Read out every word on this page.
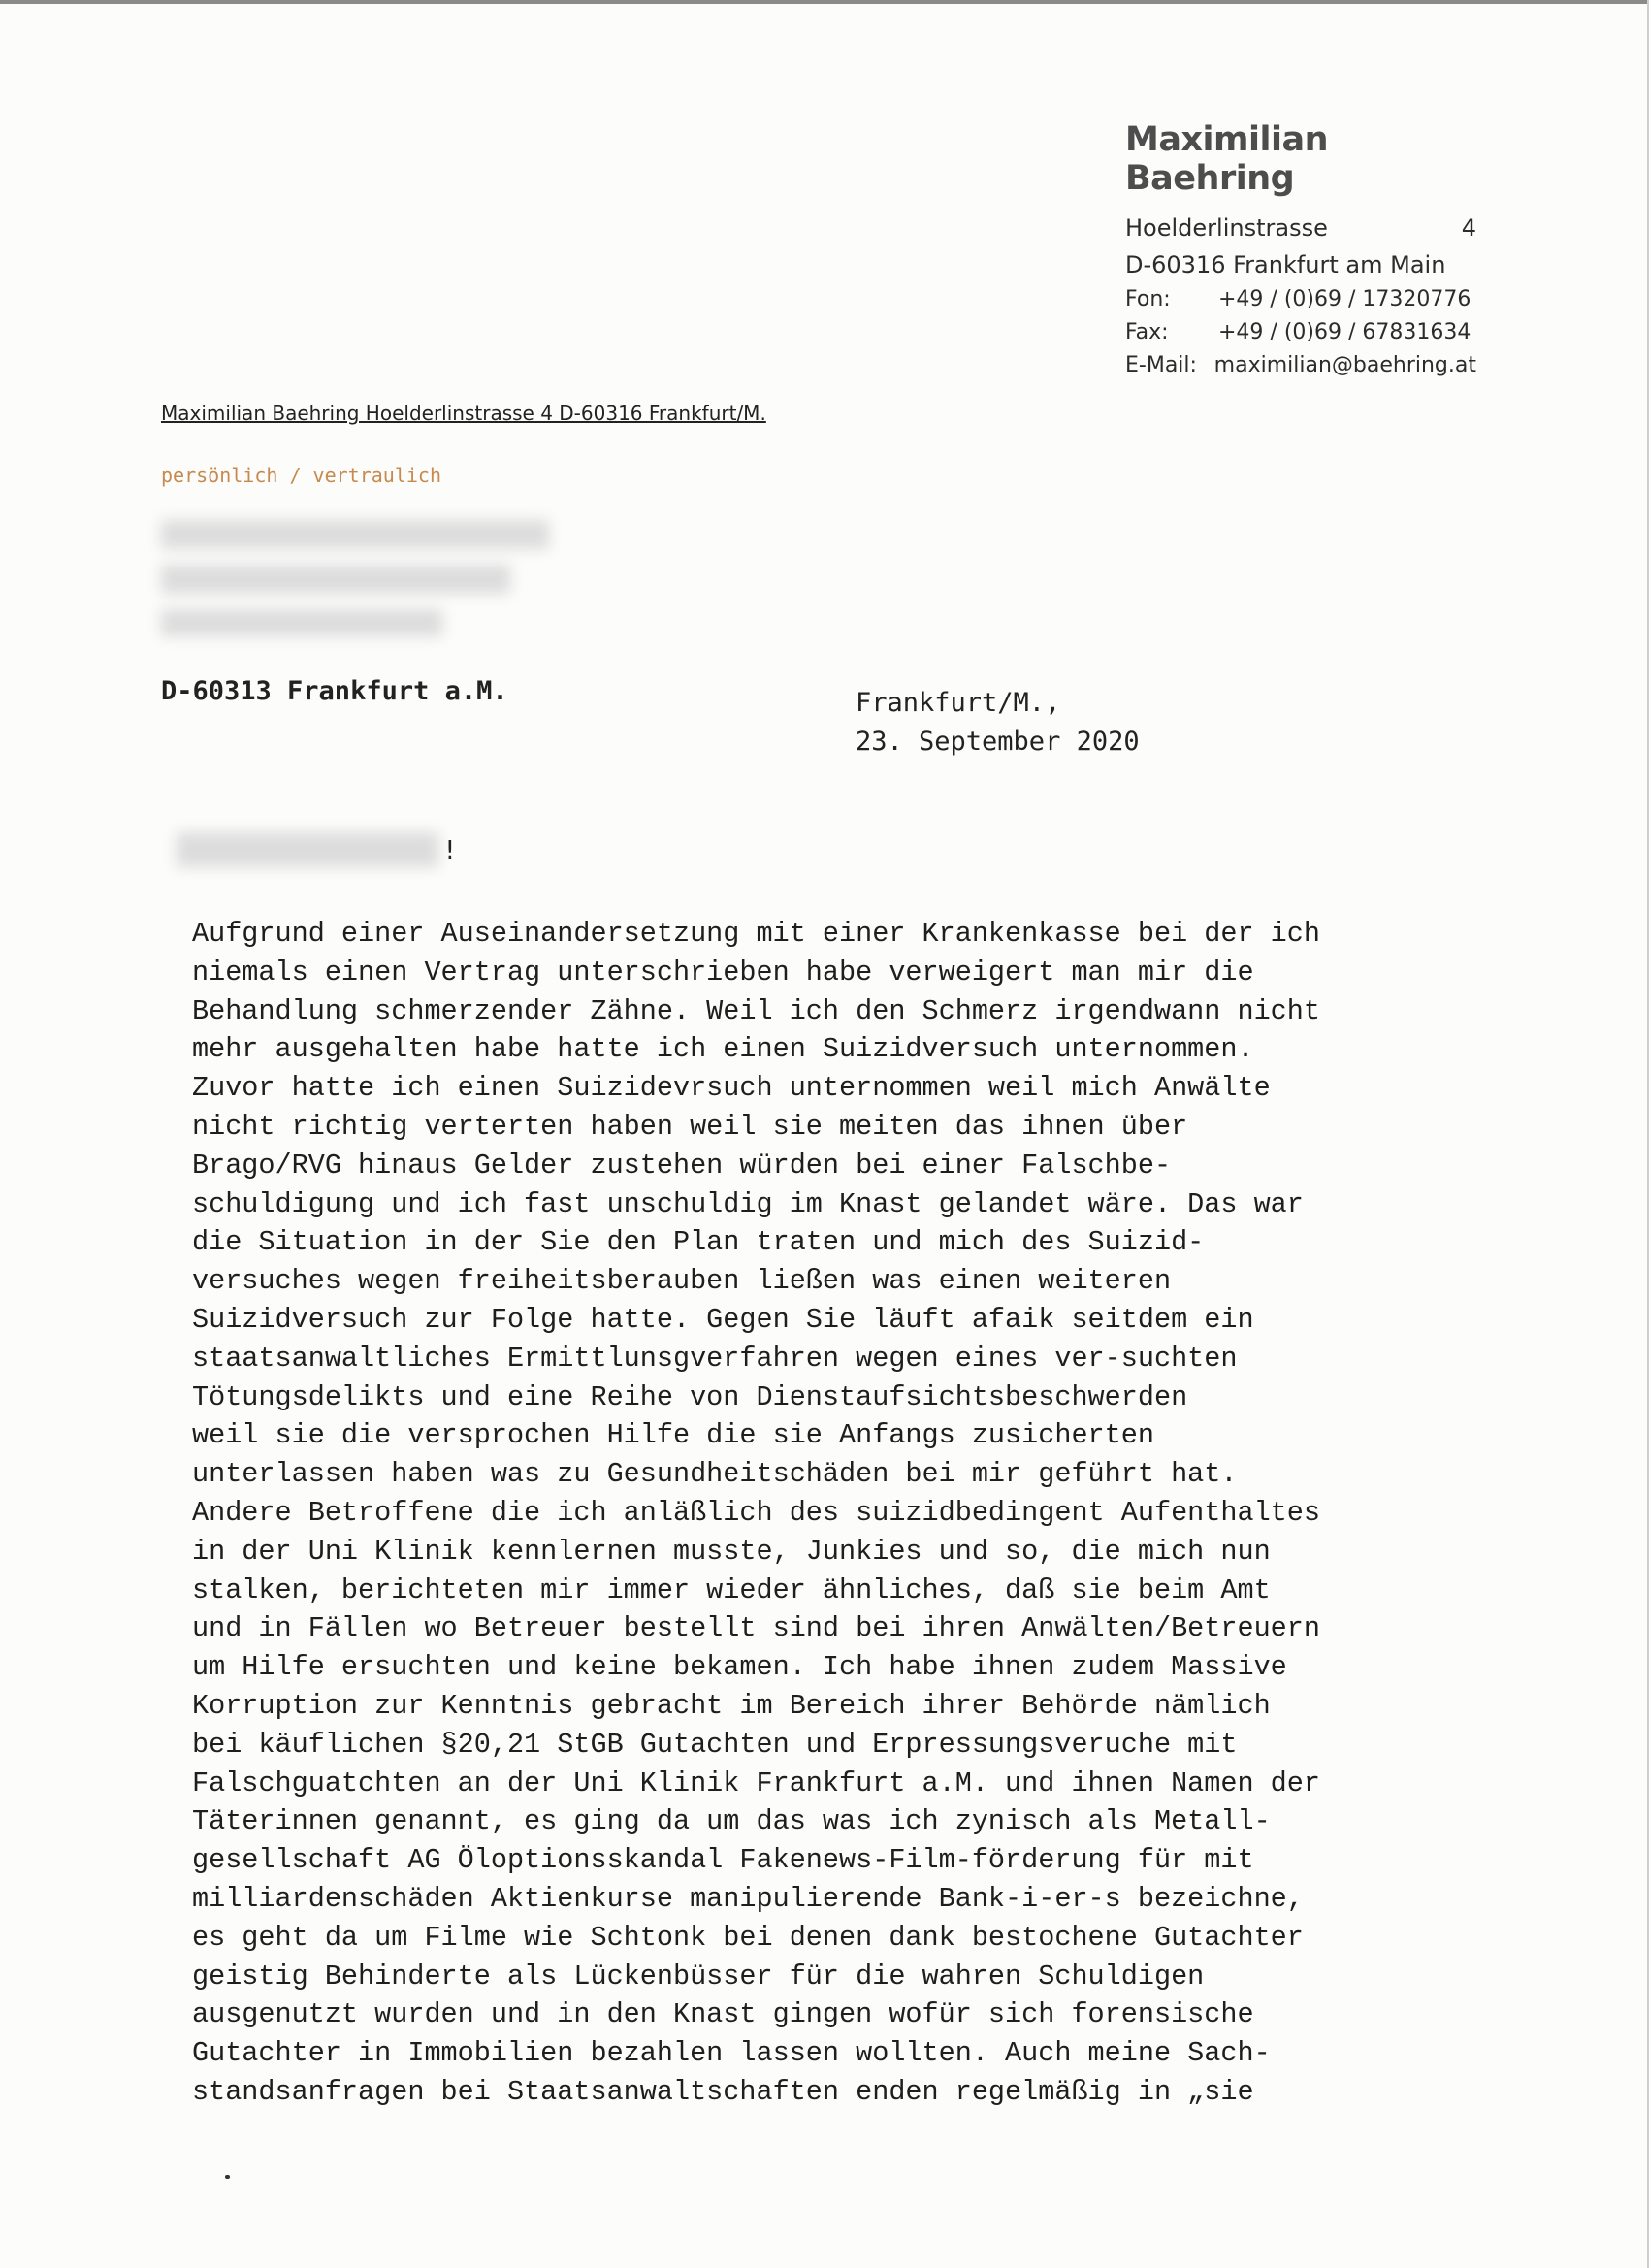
Maximilian Baehring
Hoelderlinstrasse	4
D-60316 Frankfurt am Main
Fon:	+49 / (0)69 / 17320776
Fax:	+49 / (0)69 / 67831634
E-Mail: maximilian@baehring.at
Maximilian Baehring Hoelderlinstrasse 4 D-60316 Frankfurt/M.
persönlich / vertraulich
D-60313 Frankfurt a.M.	Frankfurt/M.,
23. September 2020
!
Aufgrund einer Auseinandersetzung mit einer Krankenkasse bei der ich
niemals einen Vertrag unterschrieben habe verweigert man mir die
Behandlung schmerzender Zähne. Weil ich den Schmerz irgendwann nicht
mehr ausgehalten habe hatte ich einen Suizidversuch unternommen.
Zuvor hatte ich einen Suizidevrsuch unternommen weil mich Anwälte
nicht richtig verterten haben weil sie meiten das ihnen über
Brago/RVG hinaus Gelder zustehen würden bei einer Falschbe-
schuldigung und ich fast unschuldig im Knast gelandet wäre. Das war
die Situation in der Sie den Plan traten und mich des Suizid-
versuches wegen freiheitsberauben ließen was einen weiteren
Suizidversuch zur Folge hatte. Gegen Sie läuft afaik seitdem ein
staatsanwaltliches Ermittlunsgverfahren wegen eines ver-suchten
Tötungsdelikts und eine Reihe von Dienstaufsichtsbeschwerden
weil sie die versprochen Hilfe die sie Anfangs zusicherten
unterlassen haben was zu Gesundheitschäden bei mir geführt hat.
Andere Betroffene die ich anläßlich des suizidbedingent Aufenthaltes
in der Uni Klinik kennlernen musste, Junkies und so, die mich nun
stalken, berichteten mir immer wieder ähnliches, daß sie beim Amt
und in Fällen wo Betreuer bestellt sind bei ihren Anwälten/Betreuern
um Hilfe ersuchten und keine bekamen. Ich habe ihnen zudem Massive
Korruption zur Kenntnis gebracht im Bereich ihrer Behörde nämlich
bei käuflichen §20,21 StGB Gutachten und Erpressungsveruche mit
Falschguatchten an der Uni Klinik Frankfurt a.M. und ihnen Namen der
Täterinnen genannt, es ging da um das was ich zynisch als Metall-
gesellschaft AG Öloptionsskandal Fakenews-Film-förderung für mit
milliardenschäden Aktienkurse manipulierende Bank-i-er-s bezeichne,
es geht da um Filme wie Schtonk bei denen dank bestochene Gutachter
geistig Behinderte als Lückenbüsser für die wahren Schuldigen
ausgenutzt wurden und in den Knast gingen wofür sich forensische
Gutachter in Immobilien bezahlen lassen wollten. Auch meine Sach-
standsanfragen bei Staatsanwaltschaften enden regelmäßig in „sie
